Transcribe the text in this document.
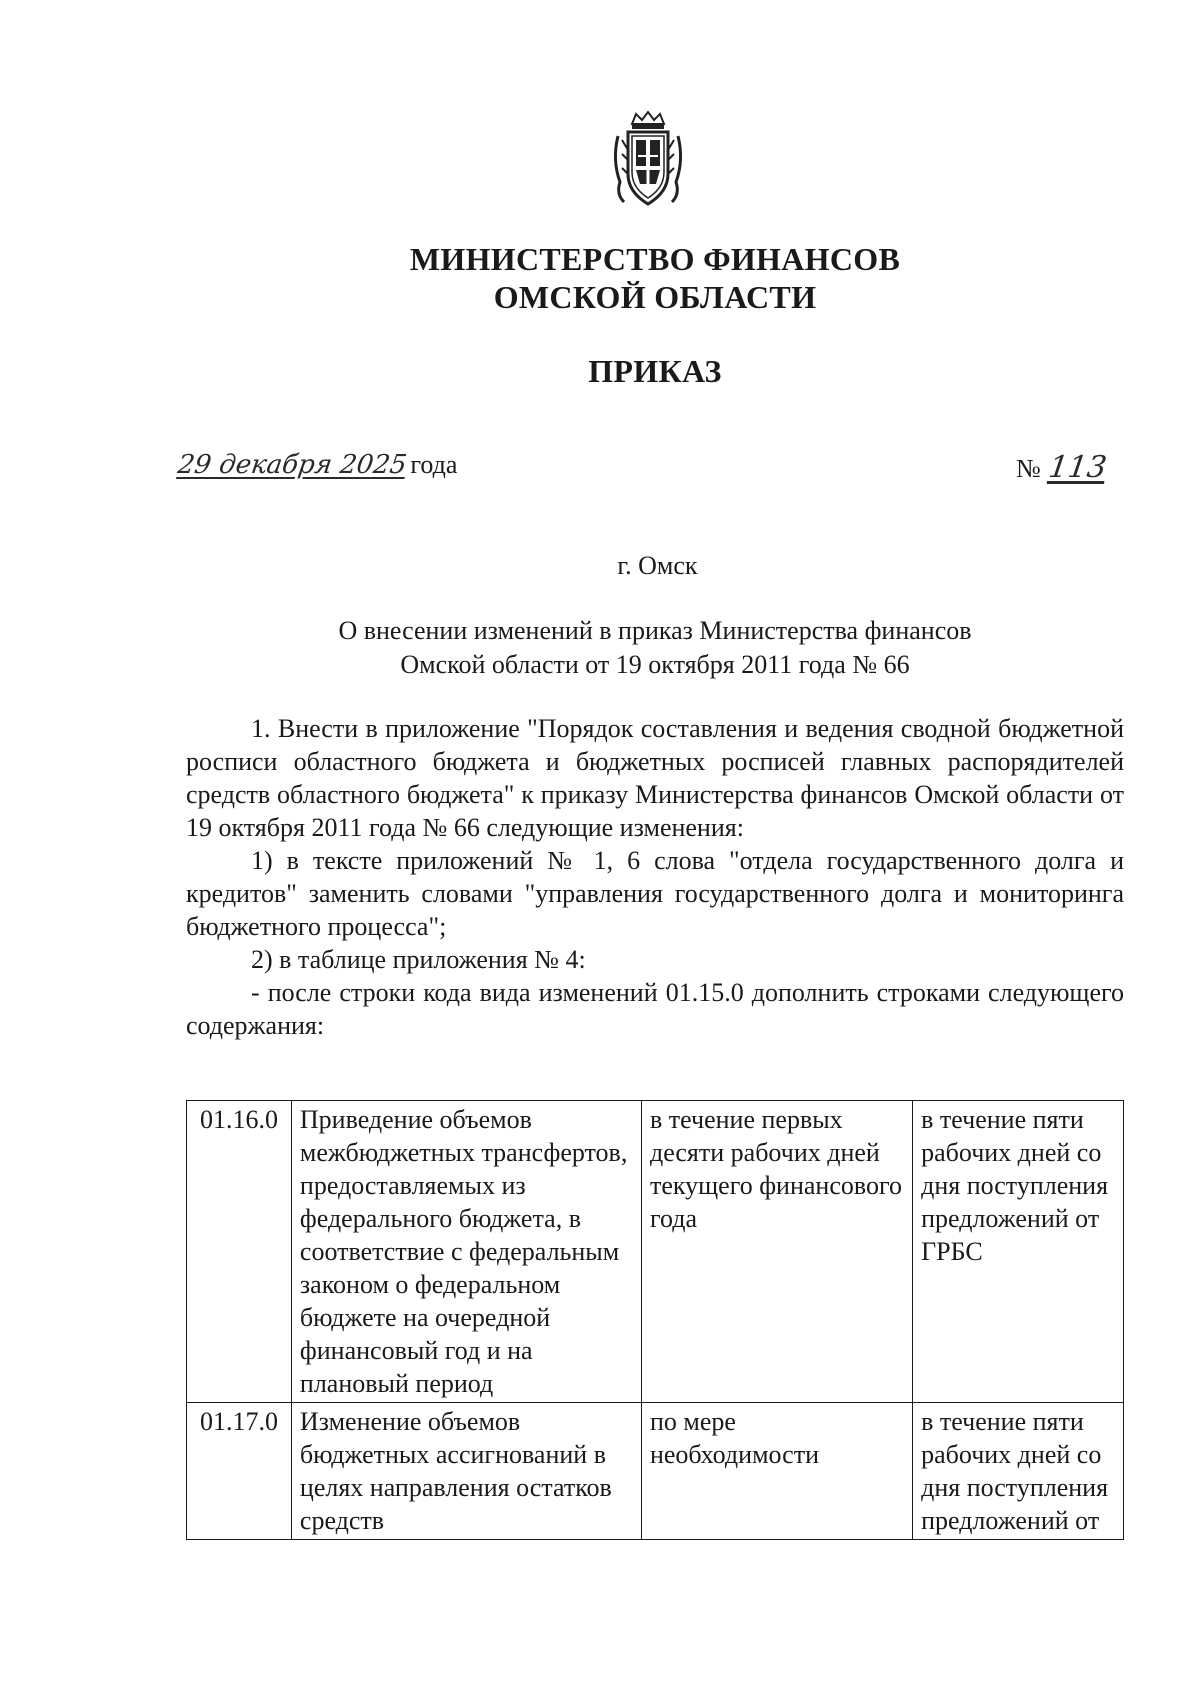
МИНИСТЕРСТВО ФИНАНСОВ
ОМСКОЙ ОБЛАСТИ
ПРИКАЗ
29 декабря 2025года	№ 113
г. Омск
О внесении изменений в приказ Министерства финансов
Омской области от 19 октября 2011 года № 66

1. Внести в приложение "Порядок составления и ведения сводной бюджетной росписи областного бюджета и бюджетных росписей главных распорядителей средств областного бюджета" к приказу Министерства финансов Омской области от 19 октября 2011 года № 66 следующие изменения:

1) в тексте приложений № 1, 6 слова "отдела государственного долга и кредитов" заменить словами "управления государственного долга и мониторинга бюджетного процесса";

2) в таблице приложения № 4:

- после строки кода вида изменений 01.15.0 дополнить строками следующего содержания:

01.16.0	Приведение объемов межбюджетных трансфертов, предоставляемых из федерального бюджета, в соответствие с федеральным законом о федеральном бюджете на очередной финансовый год и на плановый период	в течение первых десяти рабочих дней текущего финансового года	в течение пяти рабочих дней со дня поступления предложений от ГРБС
01.17.0	Изменение объемов бюджетных ассигнований в целях направления остатков средств	по мере необходимости	в течение пяти рабочих дней со дня поступления предложений от
